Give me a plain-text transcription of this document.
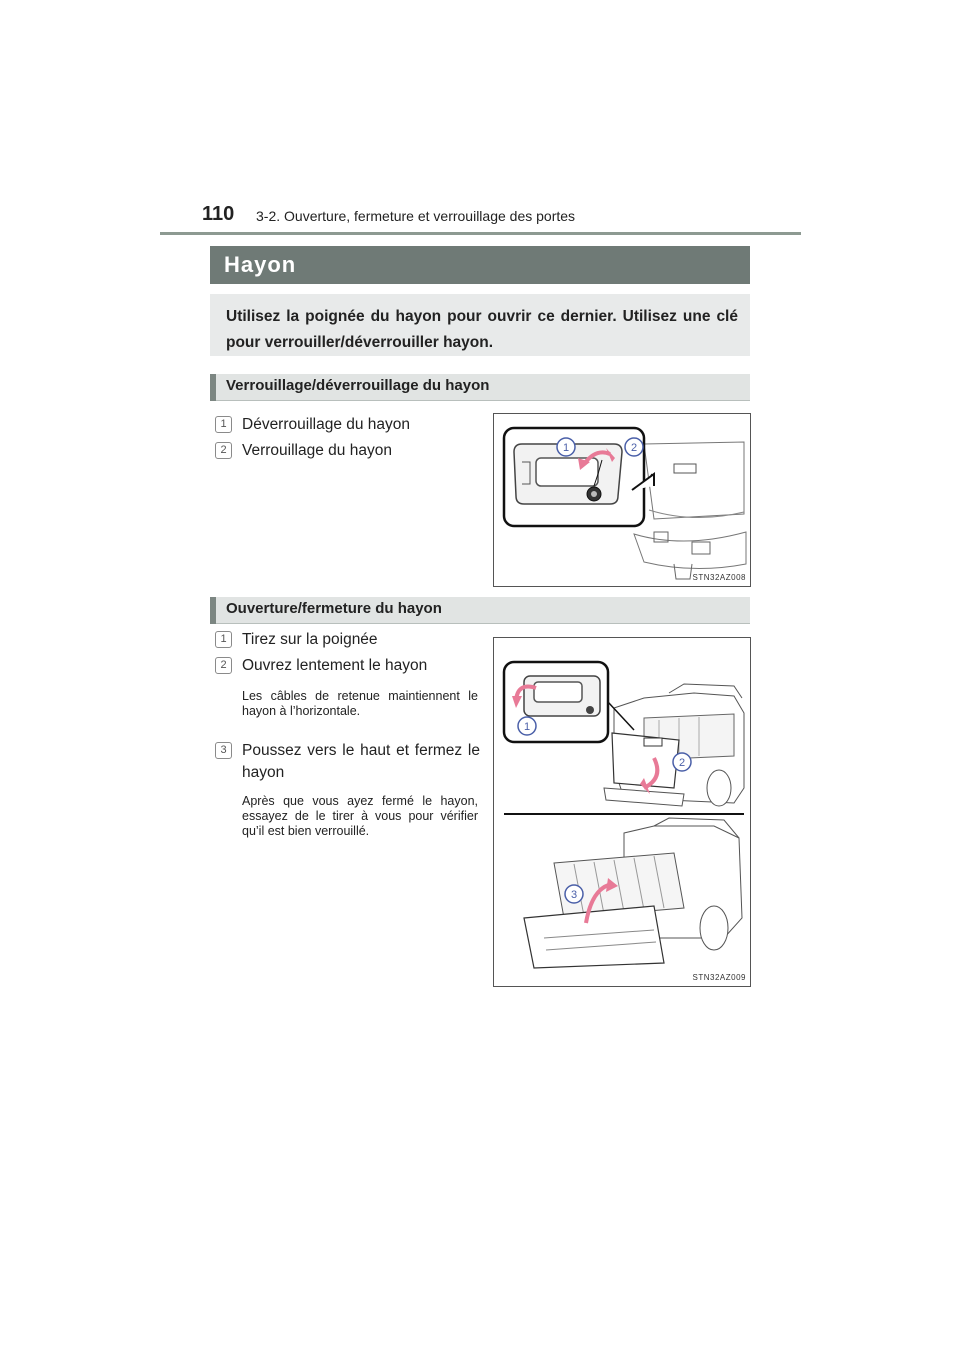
110 3-2. Ouverture, fermeture et verrouillage des portes
Hayon
Utilisez la poignée du hayon pour ouvrir ce dernier. Utilisez une clé pour verrouiller/déverrouiller hayon.
Verrouillage/déverrouillage du hayon
1 Déverrouillage du hayon
2 Verrouillage du hayon	1	2
STN32AZ008
Ouverture/fermeture du hayon
1 Tirez sur la poignée
2 Ouvrez lentement le hayon
Les câbles de retenue maintiennent le hayon à l’horizontale.
3 Poussez vers le haut et fermez le hayon
Après que vous ayez fermé le hayon, essayez de le tirer à vous pour vérifier qu’il est bien verrouillé.
2
1
3
STN32AZ009
